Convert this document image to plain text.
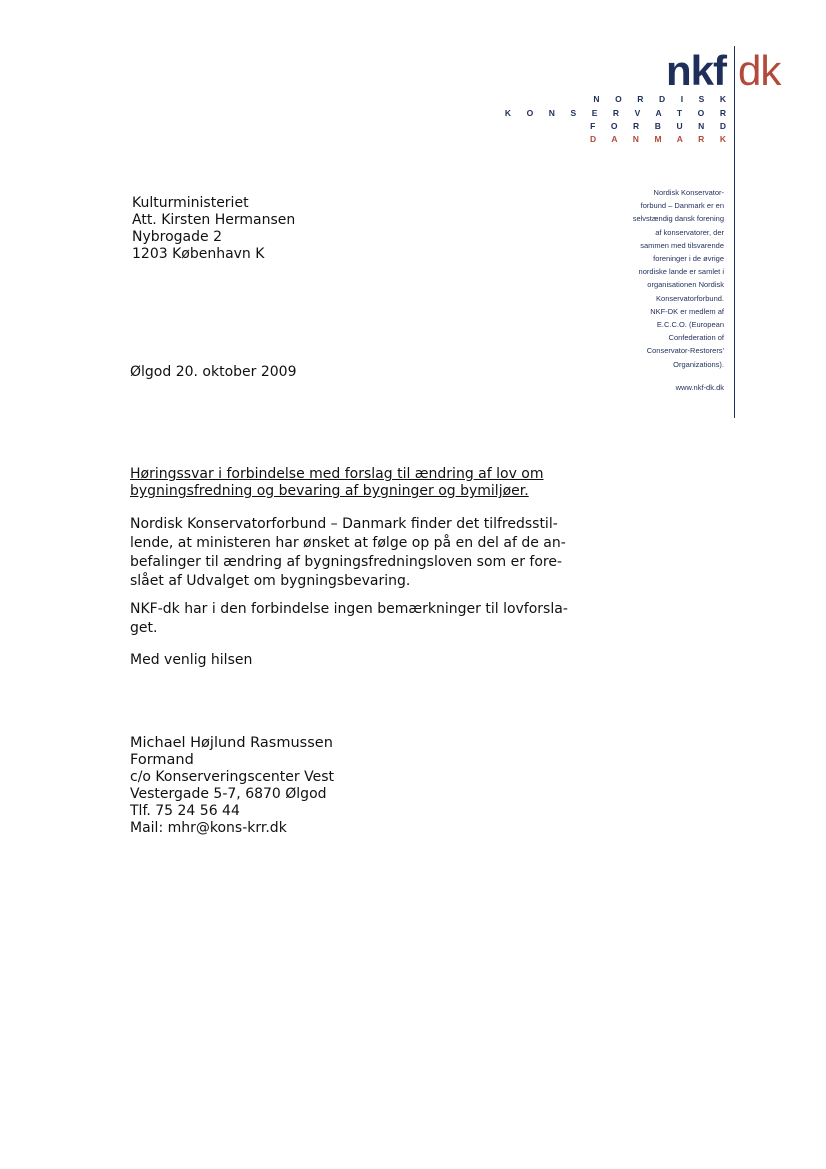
nkf dk
N O R D I S K
K O N S E R V A T O R
F O R B U N D
D A N M A R K
Nordisk Konservator-
forbund – Danmark er en
selvstændig dansk forening
af konservatorer, der
sammen med tilsvarende
foreninger i de øvrige
nordiske lande er samlet i
organisationen Nordisk
Konservatorforbund.
NKF-DK er medlem af
E.C.C.O. (European
Confederation of
Conservator-Restorers'
Organizations).
www.nkf-dk.dk
Kulturministeriet
Att. Kirsten Hermansen
Nybrogade 2
1203 København K
Ølgod 20. oktober 2009
Høringssvar i forbindelse med forslag til ændring af lov om
bygningsfredning og bevaring af bygninger og bymiljøer.
Nordisk Konservatorforbund – Danmark finder det tilfredsstil-
lende, at ministeren har ønsket at følge op på en del af de an-
befalinger til ændring af bygningsfredningsloven som er fore-
slået af Udvalget om bygningsbevaring.
NKF-dk har i den forbindelse ingen bemærkninger til lovforsla-
get.
Med venlig hilsen
Michael Højlund Rasmussen
Formand
c/o Konserveringscenter Vest
Vestergade 5-7, 6870 Ølgod
Tlf. 75 24 56 44
Mail: mhr@kons-krr.dk
